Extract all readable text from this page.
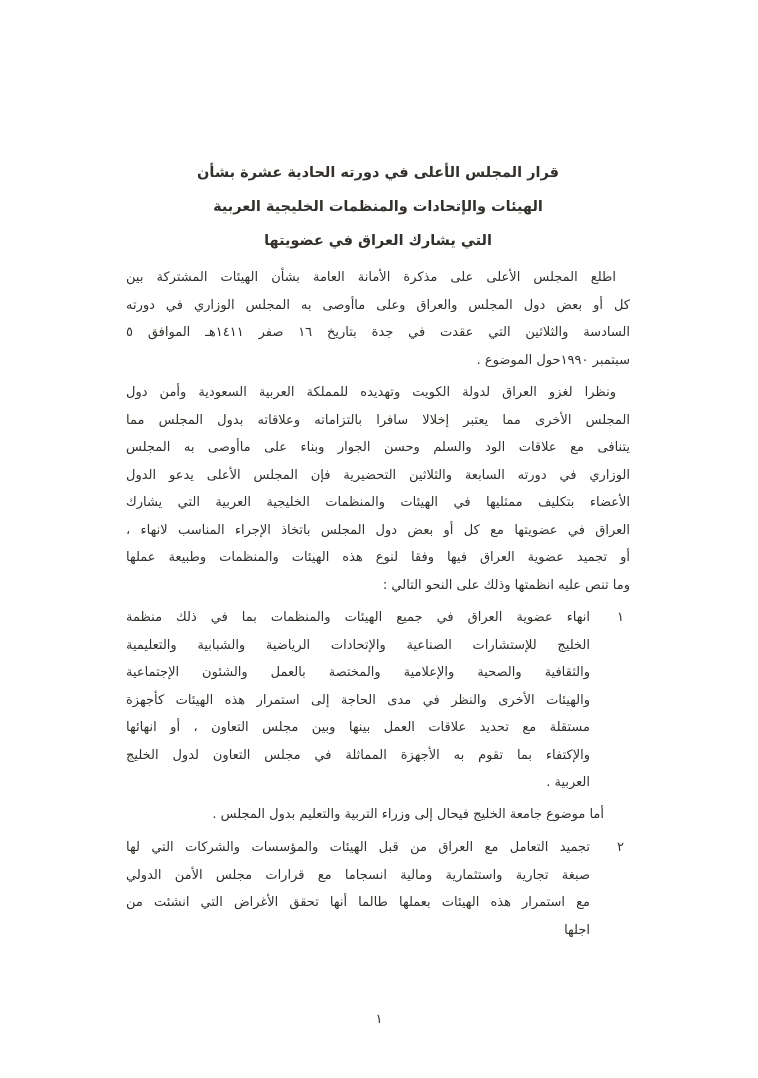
قرار المجلس الأعلى في دورته الحادية عشرة بشأن
الهيئات والإتحادات والمنظمات الخليجية العربية
التي يشارك العراق في عضويتها
اطلع المجلس الأعلى على مذكرة الأمانة العامة بشأن الهيئات المشتركة بين
كل أو بعض دول المجلس والعراق وعلى ماأوصى به المجلس الوزاري في دورته
السادسة والثلاثين التي عقدت في جدة بتاريخ ١٦ صفر ١٤١١هـ الموافق ٥
سبتمبر ١٩٩٠حول الموضوع .
ونظرا لغزو العراق لدولة الكويت وتهديده للمملكة العربية السعودية وأمن دول
المجلس الأخرى مما يعتبر إخلالا سافرا بالتزاماته وعلاقاته بدول المجلس مما
يتنافى مع علاقات الود والسلم وحسن الجوار وبناء على ماأوصى به المجلس
الوزاري في دورته السابعة والثلاثين التحضيرية فإن المجلس الأعلى يدعو الدول
الأعضاء بتكليف ممثليها في الهيئات والمنظمات الخليجية العربية التي يشارك
العراق في عضويتها مع كل أو بعض دول المجلس باتخاذ الإجراء المناسب لانهاء ،
أو تجميد عضوية العراق فيها وفقا لنوع هذه الهيئات والمنظمات وطبيعة عملها
وما تنص عليه انظمتها وذلك على النحو التالي :
١
انهاء عضوية العراق في جميع الهيئات والمنظمات بما في ذلك منظمة
الخليج للإستشارات الصناعية والإتحادات الرياضية والشبابية والتعليمية
والثقافية والصحية والإعلامية والمختصة بالعمل والشئون الإجتماعية
والهيئات الأخرى والنظر في مدى الحاجة إلى استمرار هذه الهيئات كأجهزة
مستقلة مع تحديد علاقات العمل بينها وبين مجلس التعاون ، أو انهائها
والإكتفاء بما تقوم به الأجهزة المماثلة في مجلس التعاون لدول الخليج
العربية .
أما موضوع جامعة الخليج فيحال إلى وزراء التربية والتعليم بدول المجلس .
٢
تجميد التعامل مع العراق من قبل الهيئات والمؤسسات والشركات التي لها
صبغة تجارية واستثمارية ومالية انسجاما مع قرارات مجلس الأمن الدولي
مع استمرار هذه الهيئات بعملها طالما أنها تحقق الأغراض التي انشئت من
اجلها
١
